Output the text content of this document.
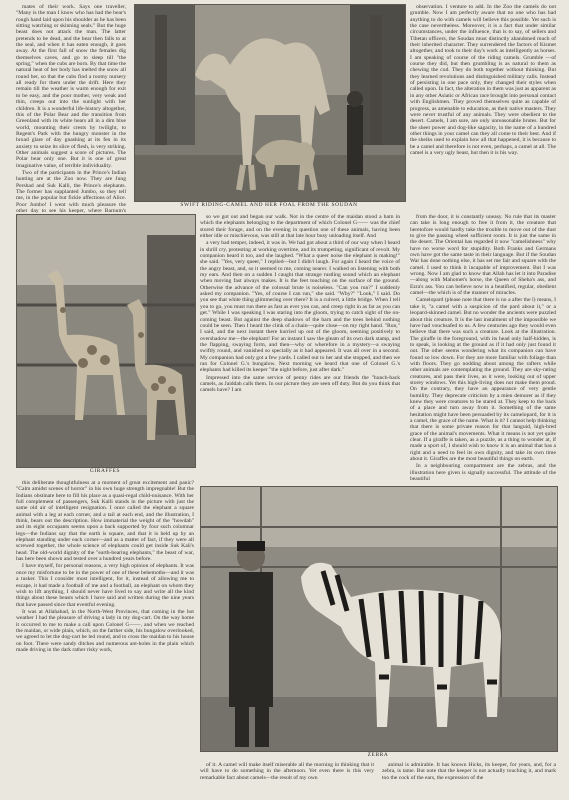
mates of their work. Says one traveller, "Many is the man I know who has had the bear's rough hand laid upon his shoulder as he has been sitting watching or skinning seals." But the huge beast does not attack the man. The latter pretends to be dead, and the bear then falls to at the seal, and when it has eaten enough, it goes away. At the first fall of snow the females dig themselves caves, and go to sleep till "the spring," when the cubs are born. By that time the natural heat of her body has melted the snow all round her, so that the cubs find a roomy nursery all ready for them under the drift. Here they remain till the weather is warm enough for exit to be easy, and the poor mother, very weak and thin, creeps out into the sunlight with her children. It is a wonderful life-history altogether, this of the Polar Bear and the transition from Greenland with its white bears all in a dim blue world, mounting their crests by twilight, to Regent's Park with the hungry monster in the broad glare of day gnashing at its fen in its anxiety to seize its slice of flesh, is very striking. Other animals suggest a score of pictures. The Polar bear only one. But it is one of great imaginative value, of terrible individuality.

Two of the participants in the Prince's Indian hunting are at the Zoo now. They are Jung Pershad and Suk Kalli, the Prince's elephants. The former has supplanted Jumbo, so they tell me, in the popular but fickle affections of Alice. Poor Jumbo! I went with much pleasure the other day to see his keeper, where Barnum's

SWIFT RIDING-CAMEL AND HER FOAL FROM THE SOUDAN

observation. I venture to add. In the Zoo the camels do not grumble. Now I am perfectly aware that no one who has had anything to do with camels will believe this possible. Yet such is the case nevertheless. Moreover, it is a fact that under similar circumstances, under the influence, that is to say, of sellers and Tibetan officers, the Soudan must distinctly abandoned much of their inherited character. They surrendered the factors of Kismet altogether, and took to their day's work as intelligently as horses. I am speaking of course of the riding camels. Grumble —of course they did, but then grumbling is as natural to them as chewing the cud. They do both together without thinking. But they learned revolutions and distinguished military calls. Instead of persisting in one pace only, they changed their styles when called upon. In fact, the alteration in them was just as apparent as in any other Asiatic or African race brought into personal contact with Englishmen. They proved themselves quite as capable of progress, as amenable to education, as their native masters. They were never trustful of any animals. They were obedient to the desert. Camels, I am sure, are only unreasonable brutes. But for the sheer power and dog-like sagacity, in the name of a hundred other things in your camel can they all come to their best. And if the sheiks used to explain how all that happened, it is because to be a camel and therefore is not even, perhaps, a camel at all. The camel is a very ugly beast, but then it is his way.

GIRAFFES

so we got out and began our walk. Not in the centre of the maidan stood a barn in which the elephants belonging to the department of which Colonel G—— was the chief stored their forage, and on the evening in question one of these animals, having been either idle or mischievous, was still at that late hour busy unloading itself. And

a very bad temper, indeed, it was in. We had got about a third of our way when I heard in shrill cry, protesting at working overtime, and its trumpeting, significant of revolt. My companion heard it too, and she laughed. "What a queer noise the elephant is making!" she said. "Yes, very queer," I replied—but I didn't laugh. For again I heard the voice of the angry beast, and, so it seemed to me, coming nearer. I walked on listening with both my ears. And then on a sudden I caught that strange rustling sound which an elephant when moving fast always makes. It is the feet touching on the surface of the ground. Otherwise the advance of the colossal brute is noiseless. "Can you run?" I suddenly asked my companion. "Yes, of course I can run," she said. "Why?" "Look," I said. Do you see that white thing glimmering over there? It is a culvert, a little bridge. When I tell you to go, you must run there as fast as ever you can, and creep right in as far as you can get." While I was speaking I was staring into the gloom, trying to catch sight of the on-coming beast. But against the deep shadows of the barn and the trees behind nothing could be seen. Then I heard the clink of a chain—quite close—on my right hand. "Run," I said, and the next instant there hurried up out of the gloom, seeming positively to overshadow me—the elephant! For an instant I saw the gleam of its own dark stamp, and the flapping, swaying form, and then—why or wherefore in a mystery—a swaying swiftly round, and vanished so specially as it had appeared. It was all over in a second. My companion had only got a few yards. I called out to her and she stopped, and then we ran for Colonel G.'s bungalow. Next morning we heard that one of Colonel G.'s elephants had killed its keeper "the night before, just after dark."

Impressed into the same service of penny rides are our friends the "hunch-back camels, as Jaiddah calls them. In our picture they are seen off duty. But do you think that camels have? I am

from the door, it is constantly uneasy. No rule that its master can take is long enough to free it from it, the creature that heretofore would hardly take the trouble to move out of the dust to give the passing wheel sufficient room. It is just the same in the desert. The Oriental has regarded it now "camelishness" why have no worse word for stupidity. Both Franks and Germans own have got the same taste in their language. But if the Soudan War has done nothing else, it has set me fair and square with the camel. I used to think it incapable of improvement. But I was wrong. Now I am glad to know that Allah has let it into Paradise—along with Mahomet's horse, the Queen of Sheba's ass, and Ezra's ass. You can believe now in a beatified, regular, obedient camel—the which is of the manner of miracles.

Camelopard (please note that there is no a after the l) means, I take it, "a camel with a suspicion of the pard about it," or a leopard-skinned camel. But no wonder the ancients were puzzled about this creature. It is the last instalment of the impossible we have had vouchsafed to us. A few centuries ago they would even believe that there was such a creature. Look at the illustration. The giraffe in the foreground, with its head only half-hidden, is to speak, is looking at the ground as if it had only just found it out. The other seems wondering what its companion can have found so low down. For they are more familiar with foliage than with floors. They go nodding about among the rafters while other animals are contemplating the ground. They are sky-rating creatures, and pass their lives, as it were, looking out of upper storey windows. Yet this high-living does not make them proud. On the contrary, they have an appearance of very gentle humility. They deprecate criticism by a mien demurer as if they knew they were creatures to be stared at. They keep to the back of a place and turn away from it. Something of the same hesitation might have been persuaded by its camelopard, for it is a camel, the grace of the name. What is it? I cannot help thinking that there is some private reason for that languid, high-bred grace of the animal's movements. What it means is not yet quite clear. If a giraffe is taken, as a puzzle, as a thing to wonder at, if made a sport of, I should wish to know it is an animal that has a right and a need to feel its own dignity, and take its own time about it. Giraffes are the most beautiful things on earth.

In a neighbouring compartment are the zebras, and the illustration here given is signally successful. The attitude of the beautiful

this deliberate thoughtfulness at a moment of great excitement and panic? "Calm amidst scenes of horror" in his own huge strength impregnable! But the Indians obstinate here to fill his place as a quasi-regal child-nuisance. With her full complement of passengers, Suk Kalli stands in the picture with just the same old air of intelligent resignation. I once called the elephant a square animal with a leg at each corner, and a tail at each end, and the illustration, I think, bears out the description. How immaterial the weight of the "howdah" and its eight occupants seems upon a back supported by four such columnar legs—the Indians say that the earth is square, and that it is held up by an elephant standing under each corner—and as a matter of fact, if they were all screwed together, the whole science of elephants could get inside Suk Kali's head. The old-world dignity of the "earth-bearing elephants," the beast of war, has here been shown and tested over a hundred years before.

I have myself, for personal reasons, a very high opinion of elephants. It was once my misfortune to be in the power of one of these behemoths—and it was a tusker. This I consider most intelligent, for it, instead of allowing me to escape, it had made a football of me and a football, an elephant on whom they wish to lift anything, I should never have lived to say and write all the kind things about these beasts which I have said and written during the nine years that have passed since that eventful evening.

It was at Allahabad, in the North-West Provinces, that coming in the hot weather I had the pleasure of driving a lady in my dog-cart. On the way home it occurred to me to make a call upon Colonel G——, and when we reached the maidan, or wide plain, which, on the farther side, his bungalow overlooked, we agreed to let the dog-cart be led round, and to cross the maidan to his house on foot. There were sandy ditches and numerous ant-holes in the plain which made driving in the dark rather risky work,

ZEBRA

of it. A camel will make itself miserable all the morning in thinking that it will have to do something in the afternoon. Yet even there is this very remarkable fact about camels—the result of my own

animal is admirable. It has known Hicks, its keeper, for years, and, for a zebra, is tame. But note that the keeper is not actually touching it, and mark too the cock of the ears, the expression of the
